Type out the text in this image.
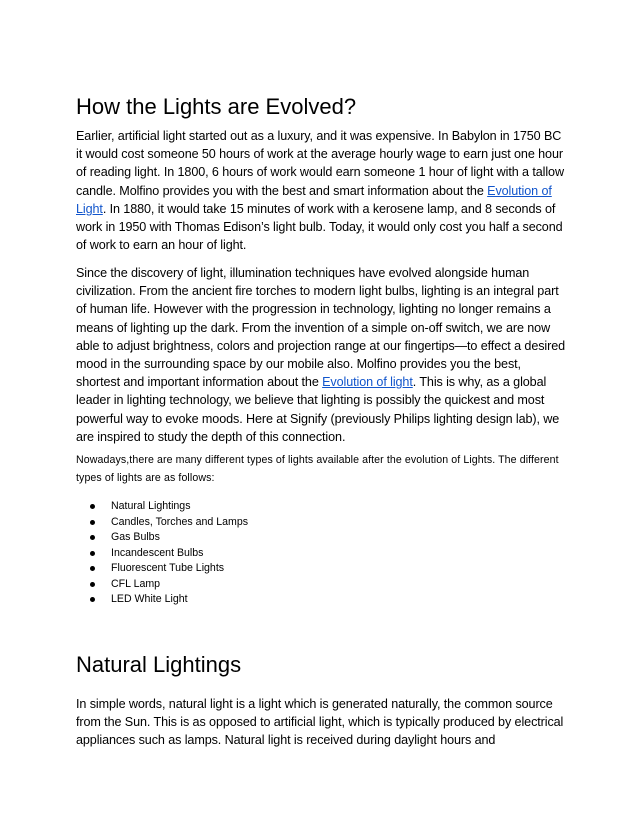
How the Lights are Evolved?

Earlier, artificial light started out as a luxury, and it was expensive. In Babylon in 1750 BC it would cost someone 50 hours of work at the average hourly wage to earn just one hour of reading light. In 1800, 6 hours of work would earn someone 1 hour of light with a tallow candle. Molfino provides you with the best and smart information about the Evolution of Light. In 1880, it would take 15 minutes of work with a kerosene lamp, and 8 seconds of work in 1950 with Thomas Edison’s light bulb. Today, it would only cost you half a second of work to earn an hour of light.

Since the discovery of light, illumination techniques have evolved alongside human civilization. From the ancient fire torches to modern light bulbs, lighting is an integral part of human life. However with the progression in technology, lighting no longer remains a means of lighting up the dark. From the invention of a simple on-off switch, we are now able to adjust brightness, colors and projection range at our fingertips—to effect a desired mood in the surrounding space by our mobile also. Molfino provides you the best, shortest and important information about the Evolution of light. This is why, as a global leader in lighting technology, we believe that lighting is possibly the quickest and most powerful way to evoke moods. Here at Signify (previously Philips lighting design lab), we are inspired to study the depth of this connection.

Nowadays,there are many different types of lights available after the evolution of Lights. The different types of lights are as follows:

Natural Lightings
Candles, Torches and Lamps
Gas Bulbs
Incandescent Bulbs
Fluorescent Tube Lights
CFL Lamp
LED White Light
Natural Lightings

In simple words, natural light is a light which is generated naturally, the common source from the Sun. This is as opposed to artificial light, which is typically produced by electrical appliances such as lamps. Natural light is received during daylight hours and
